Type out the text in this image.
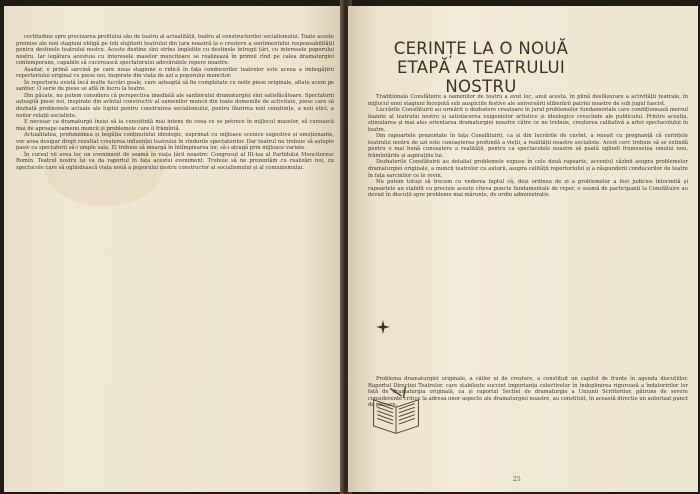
certitudine spre precizarea profilului său de teatru al actualității, teatru al constructorilor socialismului. Toate aceste premise ale noii stagiuni obligă pe toți slujitorii teatrului din țara noastră la o creștere a sentimentului responsabilității pentru destinele teatrului nostru. Aceste destine sînt strîns împletite cu destinele întregii țări, cu interesele poporului nostru. Iar legătura acestuia cu interesele maselor muncitoare se realizează în primul rînd pe calea dramaturgiei contemporane, capabile să cucerească spectatorului adevăratele repere noastre.

Așadar, o primă sarcină pe care noua stagiune o ridică în fața conducerilor teatrelor este aceea a îmbogățirii repertoriului original cu piese noi, inspirate din viața de azi a poporului muncitor.

În repertoriu există încă multe lucrări goale, care așteaptă să fie completate cu noile piese originale, aflate acum pe santier. O serie de piese se află în lucru la teatre.

Din păcate, nu putem considera că perspectiva imediată ale santierului dramaturgiei sînt satisfăcătoare. Spectatorii așteaptă piese noi, inspirate din avîntul constructiv al oamenilor muncii din toate domeniile de activitate, piese care să dezbată problemele actuale ale luptei pentru construirea socialismului, pentru făurirea noii conștiințe, a noii etici, a noilor relații socialiste.

E necesar ca dramaturgii înșiși să ia cunoștință mai intens de ceea ce se petrece în mijlocul maselor, să cunoască mai de aproape oamenii muncii și problemele care îi frămîntă.

Actualitatea, profunzimea și bogăția conținutului ideologic, exprimat cu mijloace scenice sugestive și emoționante, vor avea desigur drept rezultat creșterea influenței teatrului în rîndurile spectatorilor. Dar teatrul nu trebuie să aștepte pasiv ca spectatorii să-i umple sala. El trebuie să meargă în întîmpinarea lor, să-i atragă prin mijloace variate.

În cursul vii avea loc un eveniment de seamă în viața țării noastre: Congresul al III-lea al Partidului Muncitoresc Romîn. Teatrul nostru își va da raportul în fața acestui eveniment. Trebuie să ne prezentăm cu realizări noi, cu spectacole care să oglindească viața nouă a poporului nostru constructor al socialismului și al comunismului.

CERINȚE LA O NOUĂ ETAPĂ A TEATRULUI NOSTRU

Tradiționala Consfătuire a oamenilor de teatru a avut loc, anul acesta, în plină desfășurare a activității teatrale, în mijlocul unei stagiuni începută sub auspiciile festive ale aniversării eliberării patriei noastre de sub jugul fascist.

Lucrările Consfătuirii au urmărit o dezbatere creatoare în jurul problemelor fundamentale care condiționează mersul înainte al teatrului nostru și satisfacerea exigențelor artistice și ideologice crescînde ale publicului. Printre aceștia, stimularea și mai ales orientarea dramaturgiei noastre către ce ne trebuie, creșterea calitativă a artei spectacolului în teatre.

Din rapoartele prezentate în fața Consfătuirii, ca și din lucrările de cuvînt, a reieșit cu pregnanță că cerințele teatrului nostru de azi este cunoașterea profundă a vieții, a realității noastre socialiste. Acest cerc trebuie să se extindă pentru o mai bună cunoaștere a realității, pentru ca spectacolele noastre să poată oglindi frumusețea omului nou, frămîntările și aspirațiile lui.

Dezbaterile Consfătuirii au detaliat problemele expuse în cele două rapoarte, accentul căzînd asupra problemelor dramaturgiei originale, a muncii teatrelor cu autorii, asupra calității repertoriului și a răspunderii conducerilor de teatre în fața sarcinilor ce le revin.

Nu putem totuși să trecem cu vederea faptul că, deși ordinea de zi a problemelor a fost judicios întocmită și rapoartele au stabilit cu precizie aceste cîteva puncte fundamentale de reper, o seamă de participanți la Consfătuire au deviat în discuții spre probleme mai mărunte, de ordin administrativ.

Problema dramaturgiei originale, a căilor ei de creștere, a constituit un capitol de frunte în agenda discuțiilor. Raportul Direcției Teatrelor, care stabilește succint importanța colectivelor în îndeplinirea riguroasă a îndatoririlor lor față de dramaturgia originală, ca și raportul Secției de dramaturgie a Uniunii Scriitorilor, pătruns de severe considerente critice la adresa unor aspecte ale dramaturgiei noastre, au constituit, în această direcție un autorizat punct de plecare.

25
